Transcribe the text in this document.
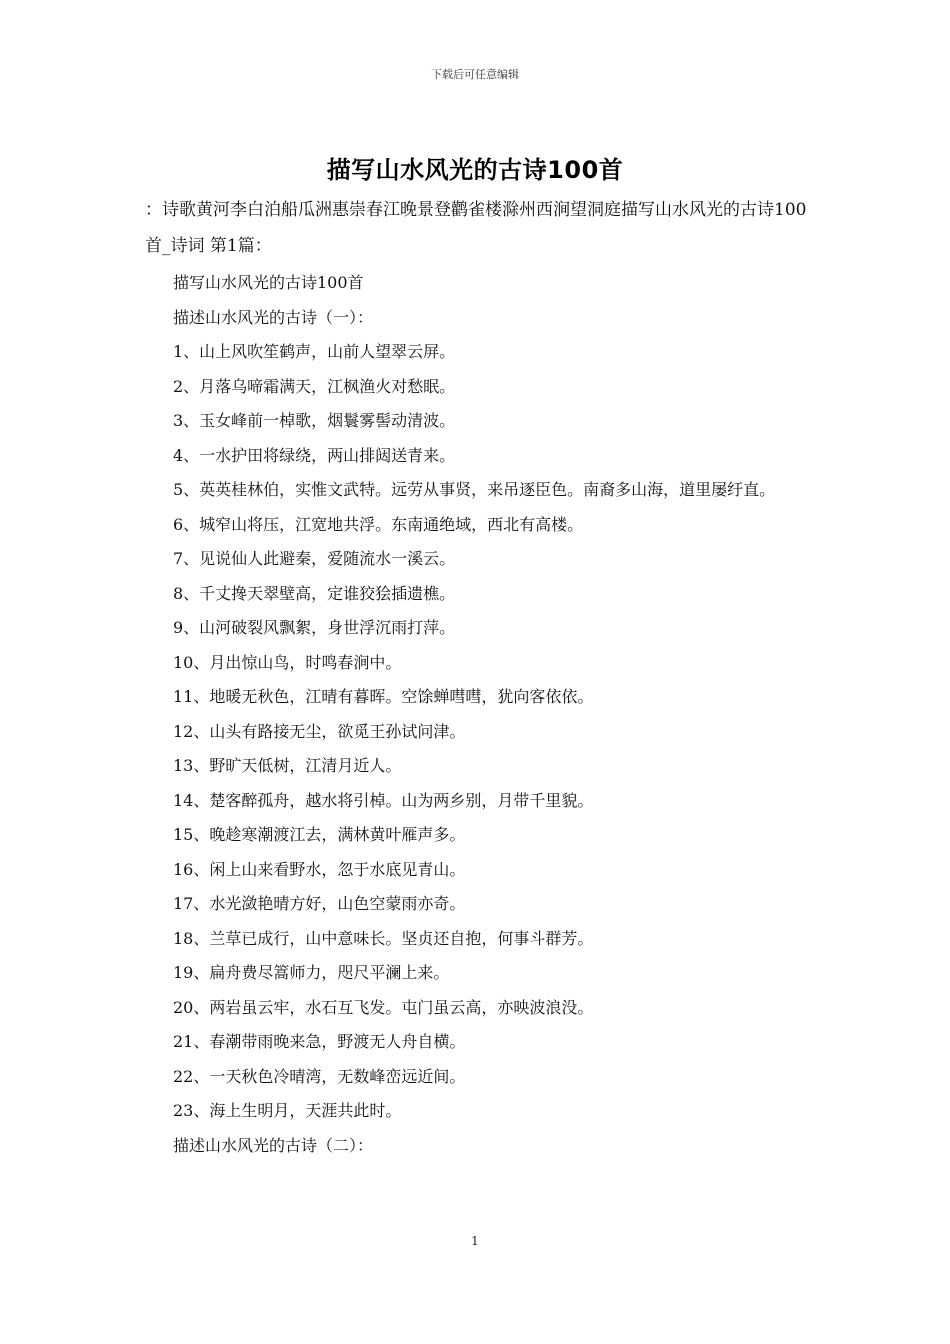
下载后可任意编辑
描写山水风光的古诗100首

：诗歌黄河李白泊船瓜洲惠崇春江晚景登鹳雀楼滁州西涧望洞庭描写山水风光的古诗100首_诗词 第1篇：

描写山水风光的古诗100首
描述山水风光的古诗（一）：
1、山上风吹笙鹤声，山前人望翠云屏。
2、月落乌啼霜满天，江枫渔火对愁眠。
3、玉女峰前一棹歌，烟鬟雾髻动清波。
4、一水护田将绿绕，两山排闼送青来。
5、英英桂林伯，实惟文武特。远劳从事贤，来吊逐臣色。南裔多山海，道里屡纡直。
6、城窄山将压，江宽地共浮。东南通绝域，西北有高楼。
7、见说仙人此避秦，爱随流水一溪云。
8、千丈搀天翠壁高，定谁狡狯插遗樵。
9、山河破裂风飘絮，身世浮沉雨打萍。
10、月出惊山鸟，时鸣春涧中。
11、地暖无秋色，江晴有暮晖。空馀蝉嘒嘒，犹向客依依。
12、山头有路接无尘，欲觅王孙试问津。
13、野旷天低树，江清月近人。
14、楚客醉孤舟，越水将引棹。山为两乡别，月带千里貌。
15、晚趁寒潮渡江去，满林黄叶雁声多。
16、闲上山来看野水，忽于水底见青山。
17、水光潋艳晴方好，山色空蒙雨亦奇。
18、兰草已成行，山中意味长。坚贞还自抱，何事斗群芳。
19、扁舟费尽篙师力，咫尺平澜上来。
20、两岩虽云牢，水石互飞发。屯门虽云高，亦映波浪没。
21、春潮带雨晚来急，野渡无人舟自横。
22、一天秋色冷晴湾，无数峰峦远近间。
23、海上生明月，天涯共此时。
描述山水风光的古诗（二）：
1
